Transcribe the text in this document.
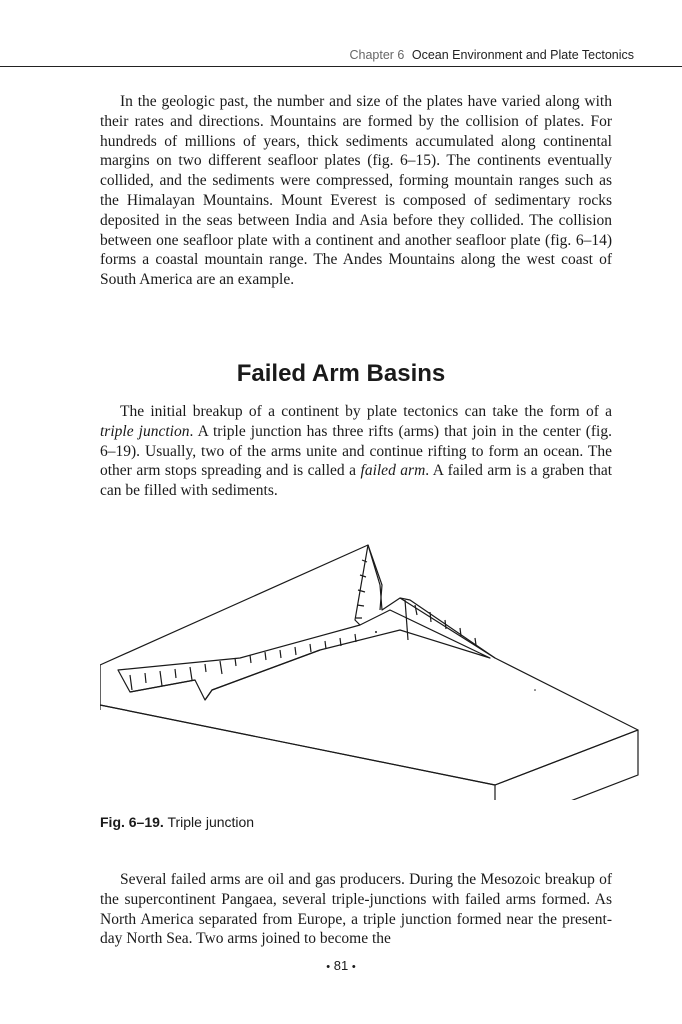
Chapter 6 Ocean Environment and Plate Tectonics

In the geologic past, the number and size of the plates have varied along with their rates and directions. Mountains are formed by the collision of plates. For hundreds of millions of years, thick sediments accumulated along continental margins on two different seafloor plates (fig. 6–15). The continents eventually collided, and the sediments were compressed, forming mountain ranges such as the Himalayan Mountains. Mount Everest is composed of sedimentary rocks deposited in the seas between India and Asia before they collided. The collision between one seafloor plate with a continent and another seafloor plate (fig. 6–14) forms a coastal mountain range. The Andes Mountains along the west coast of South America are an example.

Failed Arm Basins

The initial breakup of a continent by plate tectonics can take the form of a triple junction. A triple junction has three rifts (arms) that join in the center (fig. 6–19). Usually, two of the arms unite and continue rifting to form an ocean. The other arm stops spreading and is called a failed arm. A failed arm is a graben that can be filled with sediments.

Fig. 6–19. Triple junction

Several failed arms are oil and gas producers. During the Mesozoic breakup of the supercontinent Pangaea, several triple-junctions with failed arms formed. As North America separated from Europe, a triple junction formed near the present-day North Sea. Two arms joined to become the

• 81 •
